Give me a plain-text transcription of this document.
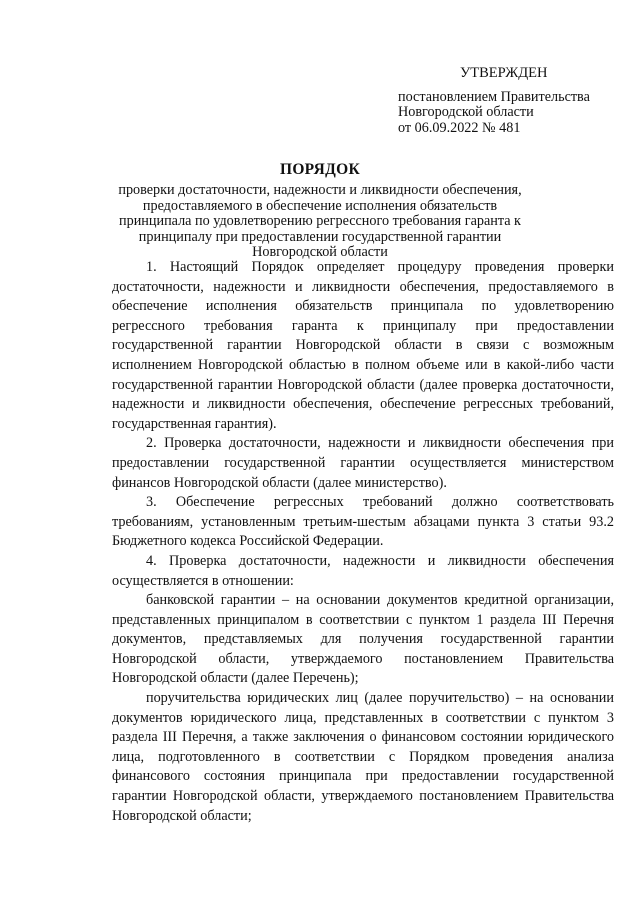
УТВЕРЖДЕН
постановлением Правительства
Новгородской области
от 06.09.2022 № 481
ПОРЯДОК
проверки достаточности, надежности и ликвидности обеспечения, предоставляемого в обеспечение исполнения обязательств принципала по удовлетворению регрессного требования гаранта к принципалу при предоставлении государственной гарантии Новгородской области

1. Настоящий Порядок определяет процедуру проведения проверки достаточности, надежности и ликвидности обеспечения, предоставляемого в обеспечение исполнения обязательств принципала по удовлетворению регрессного требования гаранта к принципалу при предоставлении государственной гарантии Новгородской области в связи с возможным исполнением Новгородской областью в полном объеме или в какой-либо части государственной гарантии Новгородской области (далее проверка достаточности, надежности и ликвидности обеспечения, обеспечение регрессных требований, государственная гарантия).

2. Проверка достаточности, надежности и ликвидности обеспечения при предоставлении государственной гарантии осуществляется министерством финансов Новгородской области (далее министерство).

3. Обеспечение регрессных требований должно соответствовать требованиям, установленным третьим-шестым абзацами пункта 3 статьи 93.2 Бюджетного кодекса Российской Федерации.

4. Проверка достаточности, надежности и ликвидности обеспечения осуществляется в отношении:

банковской гарантии – на основании документов кредитной организации, представленных принципалом в соответствии с пунктом 1 раздела III Перечня документов, представляемых для получения государственной гарантии Новгородской области, утверждаемого постановлением Правительства Новгородской области (далее Перечень);

поручительства юридических лиц (далее поручительство) – на основании документов юридического лица, представленных в соответствии с пунктом 3 раздела III Перечня, а также заключения о финансовом состоянии юридического лица, подготовленного в соответствии с Порядком проведения анализа финансового состояния принципала при предоставлении государственной гарантии Новгородской области, утверждаемого постановлением Правительства Новгородской области;
